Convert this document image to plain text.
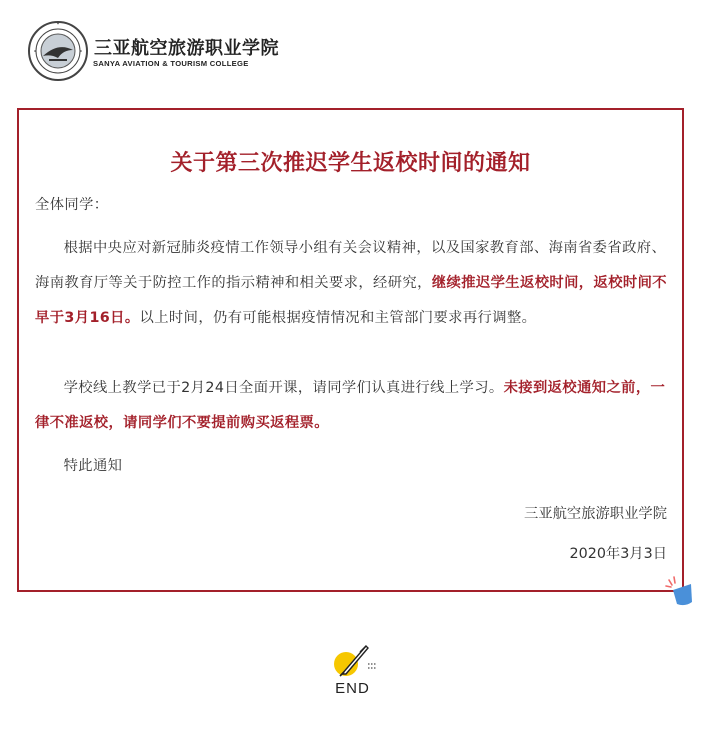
三亚航空旅游职业学院
SANYA AVIATION & TOURISM COLLEGE
关于第三次推迟学生返校时间的通知
全体同学：
根据中央应对新冠肺炎疫情工作领导小组有关会议精神，以及国家教育部、海南省委省政府、海南教育厅等关于防控工作的指示精神和相关要求，经研究，继续推迟学生返校时间，返校时间不早于3月16日。以上时间，仍有可能根据疫情情况和主管部门要求再行调整。
学校线上教学已于2月24日全面开课，请同学们认真进行线上学习。未接到返校通知之前，一律不准返校，请同学们不要提前购买返程票。
特此通知
三亚航空旅游职业学院
2020年3月3日
END
